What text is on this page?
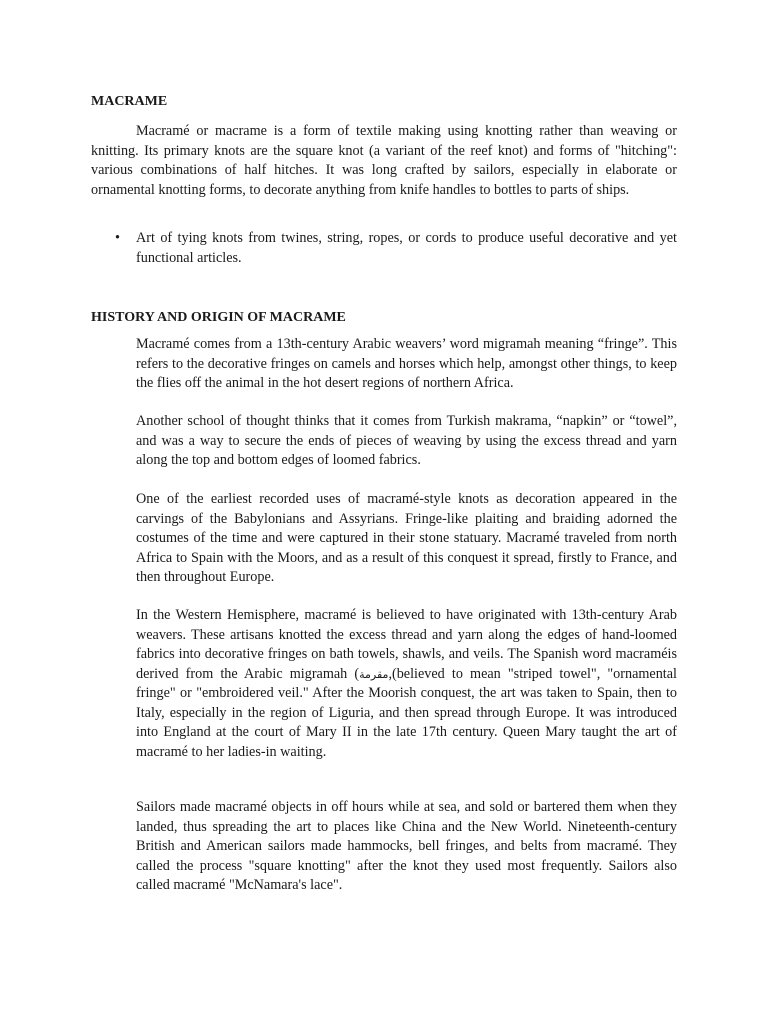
MACRAME

Macramé or macrame is a form of textile making using knotting rather than weaving or knitting. Its primary knots are the square knot (a variant of the reef knot) and forms of "hitching": various combinations of half hitches. It was long crafted by sailors, especially in elaborate or ornamental knotting forms, to decorate anything from knife handles to bottles to parts of ships.

• Art of tying knots from twines, string, ropes, or cords to produce useful decorative and yet functional articles.
HISTORY AND ORIGIN OF MACRAME

Macramé comes from a 13th-century Arabic weavers’ word migramah meaning “fringe”. This refers to the decorative fringes on camels and horses which help, amongst other things, to keep the flies off the animal in the hot desert regions of northern Africa.

Another school of thought thinks that it comes from Turkish makrama, “napkin” or “towel”, and was a way to secure the ends of pieces of weaving by using the excess thread and yarn along the top and bottom edges of loomed fabrics.

One of the earliest recorded uses of macramé-style knots as decoration appeared in the carvings of the Babylonians and Assyrians. Fringe-like plaiting and braiding adorned the costumes of the time and were captured in their stone statuary. Macramé traveled from north Africa to Spain with the Moors, and as a result of this conquest it spread, firstly to France, and then throughout Europe.

In the Western Hemisphere, macramé is believed to have originated with 13th-century Arab weavers. These artisans knotted the excess thread and yarn along the edges of hand-loomed fabrics into decorative fringes on bath towels, shawls, and veils. The Spanish word macraméis derived from the Arabic migramah (مقرمة,(believed to mean "striped towel", "ornamental fringe" or "embroidered veil." After the Moorish conquest, the art was taken to Spain, then to Italy, especially in the region of Liguria, and then spread through Europe. It was introduced into England at the court of Mary II in the late 17th century. Queen Mary taught the art of macramé to her ladies-in waiting.

Sailors made macramé objects in off hours while at sea, and sold or bartered them when they landed, thus spreading the art to places like China and the New World. Nineteenth-century British and American sailors made hammocks, bell fringes, and belts from macramé. They called the process "square knotting" after the knot they used most frequently. Sailors also called macramé "McNamara's lace".
